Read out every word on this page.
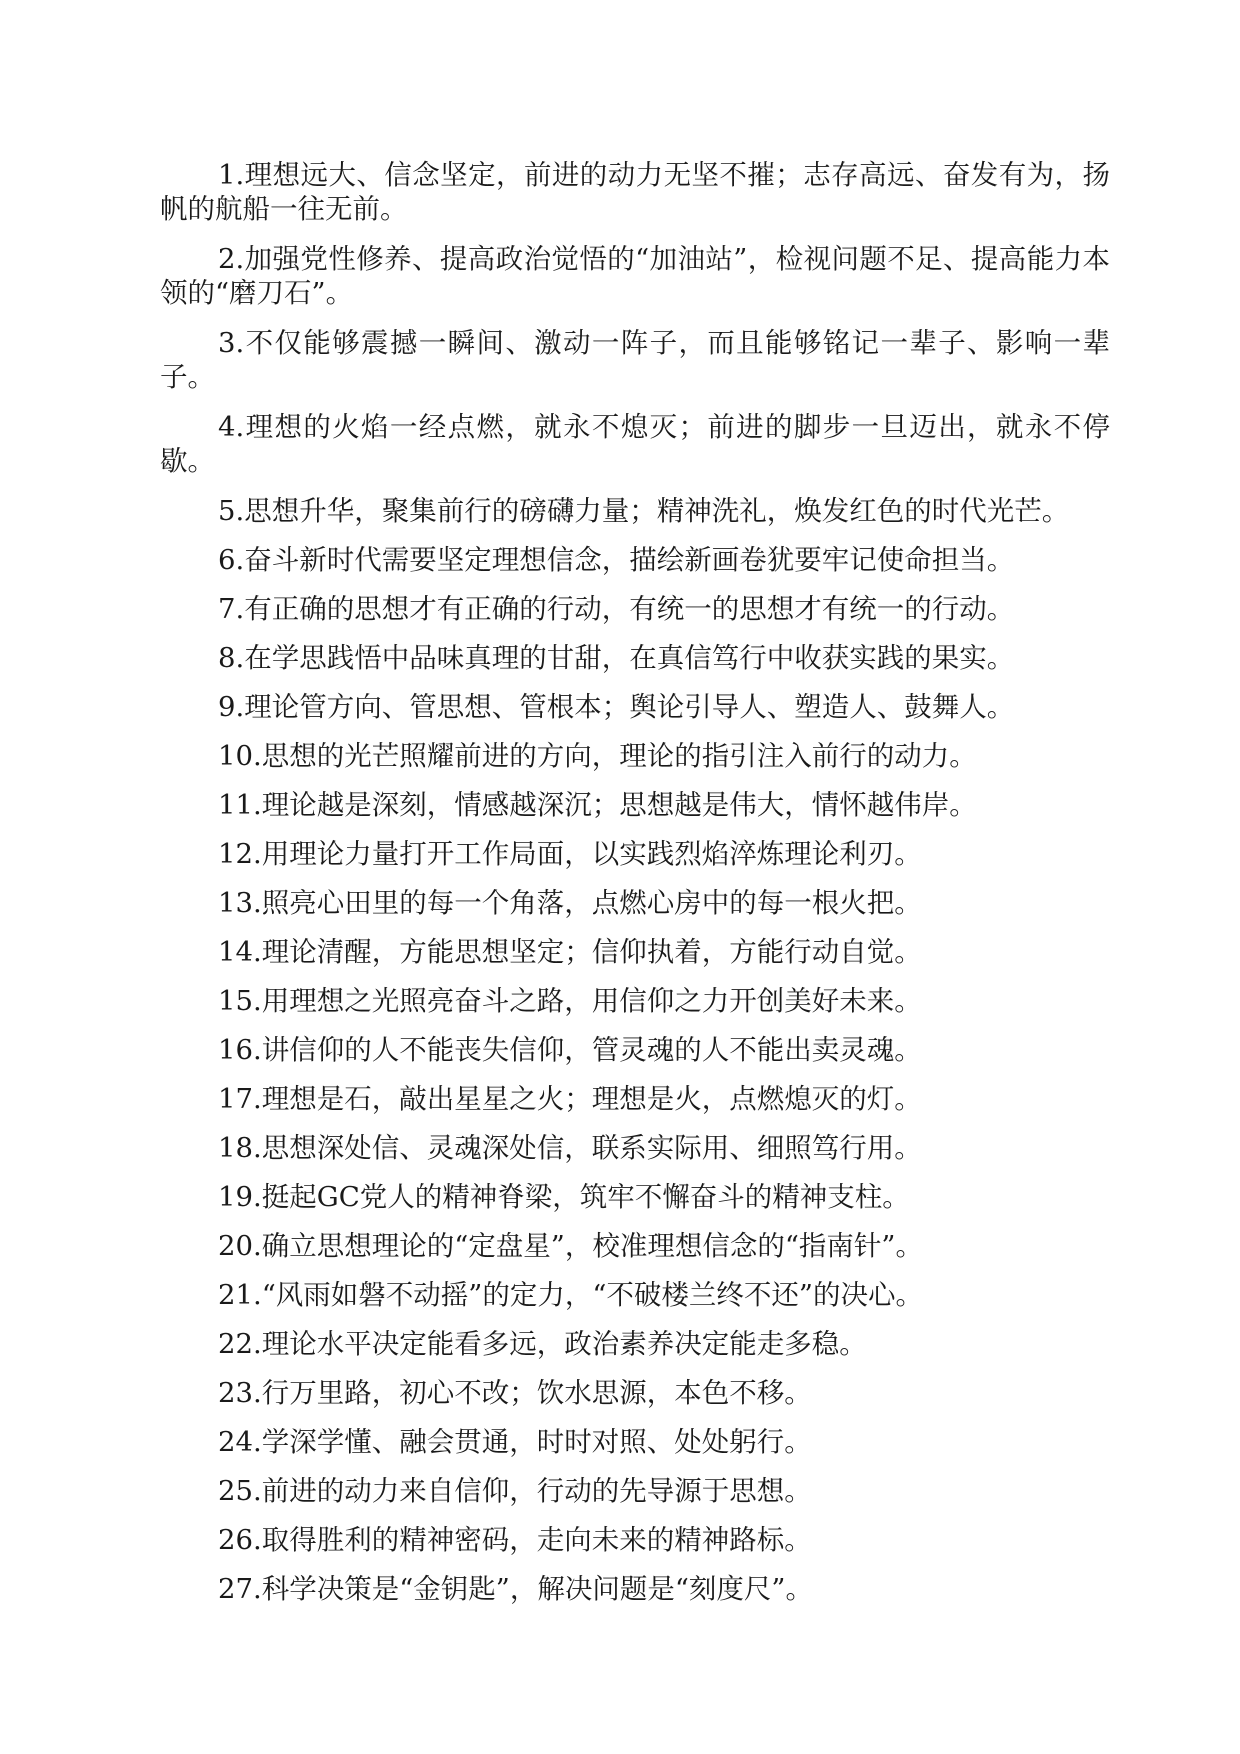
1.理想远大、信念坚定，前进的动力无坚不摧；志存高远、奋发有为，扬帆的航船一往无前。

2.加强党性修养、提高政治觉悟的“加油站”，检视问题不足、提高能力本领的“磨刀石”。

3.不仅能够震撼一瞬间、激动一阵子，而且能够铭记一辈子、影响一辈子。

4.理想的火焰一经点燃，就永不熄灭；前进的脚步一旦迈出，就永不停歇。

5.思想升华，聚集前行的磅礴力量；精神洗礼，焕发红色的时代光芒。

6.奋斗新时代需要坚定理想信念，描绘新画卷犹要牢记使命担当。

7.有正确的思想才有正确的行动，有统一的思想才有统一的行动。

8.在学思践悟中品味真理的甘甜，在真信笃行中收获实践的果实。

9.理论管方向、管思想、管根本；舆论引导人、塑造人、鼓舞人。

10.思想的光芒照耀前进的方向，理论的指引注入前行的动力。

11.理论越是深刻，情感越深沉；思想越是伟大，情怀越伟岸。

12.用理论力量打开工作局面，以实践烈焰淬炼理论利刃。

13.照亮心田里的每一个角落，点燃心房中的每一根火把。

14.理论清醒，方能思想坚定；信仰执着，方能行动自觉。

15.用理想之光照亮奋斗之路，用信仰之力开创美好未来。

16.讲信仰的人不能丧失信仰，管灵魂的人不能出卖灵魂。

17.理想是石，敲出星星之火；理想是火，点燃熄灭的灯。

18.思想深处信、灵魂深处信，联系实际用、细照笃行用。

19.挺起GC党人的精神脊梁，筑牢不懈奋斗的精神支柱。

20.确立思想理论的“定盘星”，校准理想信念的“指南针”。

21.“风雨如磐不动摇”的定力，“不破楼兰终不还”的决心。

22.理论水平决定能看多远，政治素养决定能走多稳。

23.行万里路，初心不改；饮水思源，本色不移。

24.学深学懂、融会贯通，时时对照、处处躬行。

25.前进的动力来自信仰，行动的先导源于思想。

26.取得胜利的精神密码，走向未来的精神路标。

27.科学决策是“金钥匙”，解决问题是“刻度尺”。
